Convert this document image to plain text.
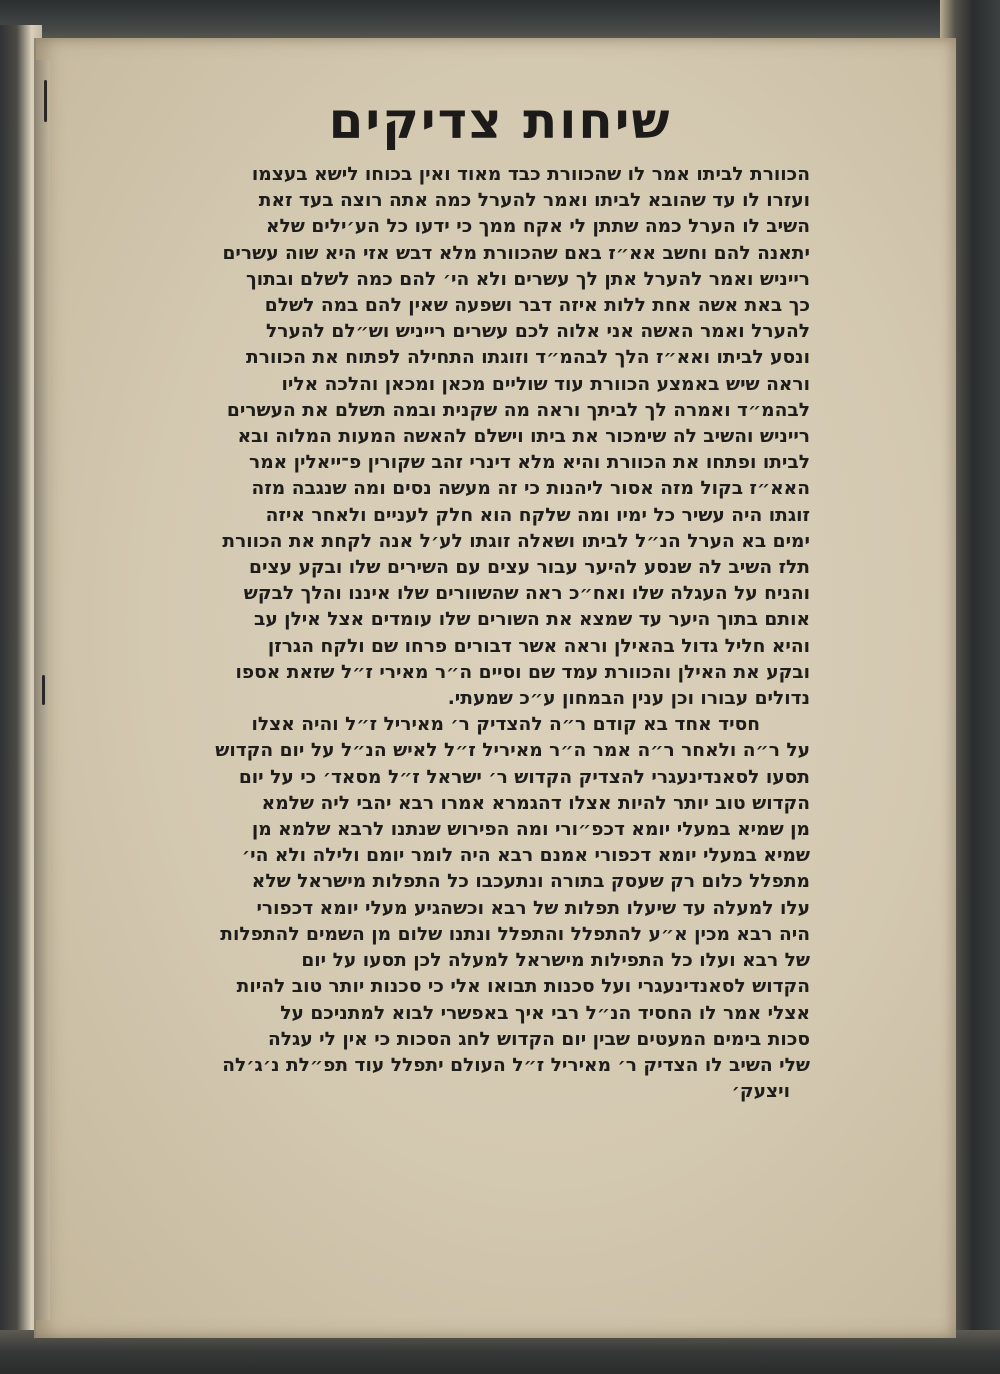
שיחות צדיקים
הכוורת לביתו אמר לו שהכוורת כבד מאוד ואין בכוחו לישא בעצמו
ועזרו לו עד שהובא לביתו ואמר להערל כמה אתה רוצה בעד זאת
השיב לו הערל כמה שתתן לי אקח ממך כי ידעו כל הע׳ילים שלא
יתאנה להם וחשב אא״ז באם שהכוורת מלא דבש אזי היא שוה עשרים
רייניש ואמר להערל אתן לך עשרים ולא הי׳ להם כמה לשלם ובתוך
כך באת אשה אחת ללות איזה דבר ושפעה שאין להם במה לשלם
להערל ואמר האשה אני אלוה לכם עשרים רייניש וש״לם להערל
ונסע לביתו ואא״ז הלך לבהמ״ד וזוגתו התחילה לפתוח את הכוורת
וראה שיש באמצע הכוורת עוד שוליים מכאן ומכאן והלכה אליו
לבהמ״ד ואמרה לך לביתך וראה מה שקנית ובמה תשלם את העשרים
רייניש והשיב לה שימכור את ביתו וישלם להאשה המעות המלוה ובא
לביתו ופתחו את הכוורת והיא מלא דינרי זהב שקורין פ־ייאלין אמר
האא״ז בקול מזה אסור ליהנות כי זה מעשה נסים ומה שנגבה מזה
זוגתו היה עשיר כל ימיו ומה שלקח הוא חלק לעניים ולאחר איזה
ימים בא הערל הנ״ל לביתו ושאלה זוגתו לע׳ל אנה לקחת את הכוורת
תלז השיב לה שנסע להיער עבור עצים עם השירים שלו ובקע עצים
והניח על העגלה שלו ואח״כ ראה שהשוורים שלו איננו והלך לבקש
אותם בתוך היער עד שמצא את השורים שלו עומדים אצל אילן עב
והיא חליל גדול בהאילן וראה אשר דבורים פרחו שם ולקח הגרזן
ובקע את האילן והכוורת עמד שם וסיים ה״ר מאירי ז״ל שזאת אספו
נדולים עבורו וכן ענין הבמחון ע״כ שמעתי.
חסיד אחד בא קודם ר״ה להצדיק ר׳ מאיריל ז״ל והיה אצלו
על ר״ה ולאחר ר״ה אמר ה״ר מאיריל ז״ל לאיש הנ״ל על יום הקדוש
תסעו לסאנדינעגרי להצדיק הקדוש ר׳ ישראל ז״ל מסאד׳ כי על יום
הקדוש טוב יותר להיות אצלו דהגמרא אמרו רבא יהבי ליה שלמא
מן שמיא במעלי יומא דכפ״ורי ומה הפירוש שנתנו לרבא שלמא מן
שמיא במעלי יומא דכפורי אמנם רבא היה לומר יומם ולילה ולא הי׳
מתפלל כלום רק שעסק בתורה ונתעכבו כל התפלות מישראל שלא
עלו למעלה עד שיעלו תפלות של רבא וכשהגיע מעלי יומא דכפורי
היה רבא מכין א״ע להתפלל והתפלל ונתנו שלום מן השמים להתפלות
של רבא ועלו כל התפילות מישראל למעלה לכן תסעו על יום
הקדוש לסאנדינעגרי ועל סכנות תבואו אלי כי סכנות יותר טוב להיות
אצלי אמר לו החסיד הנ״ל רבי איך באפשרי לבוא למתניכם על
סכות בימים המעטים שבין יום הקדוש לחג הסכות כי אין לי עגלה
שלי השיב לו הצדיק ר׳ מאיריל ז״ל העולם יתפלל עוד תפ״לת נ׳ג׳לה
ויצעק׳
